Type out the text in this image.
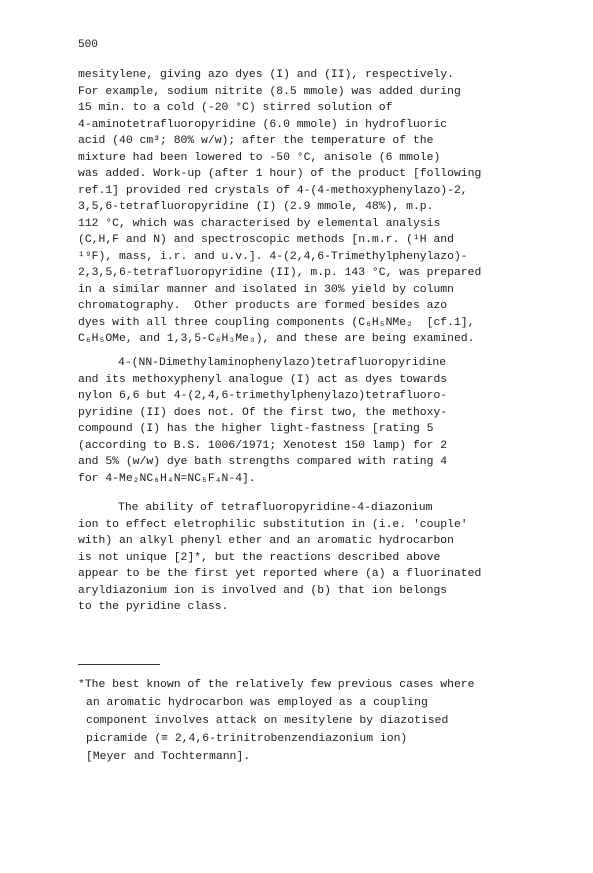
500
mesitylene, giving azo dyes (I) and (II), respectively.
For example, sodium nitrite (8.5 mmole) was added during
15 min. to a cold (-20 °C) stirred solution of
4-aminotetrafluoropyridine (6.0 mmole) in hydrofluoric
acid (40 cm³; 80% w/w); after the temperature of the
mixture had been lowered to -50 °C, anisole (6 mmole)
was added. Work-up (after 1 hour) of the product [following
ref.1] provided red crystals of 4-(4-methoxyphenylazo)-2,
3,5,6-tetrafluoropyridine (I) (2.9 mmole, 48%), m.p.
112 °C, which was characterised by elemental analysis
(C,H,F and N) and spectroscopic methods [n.m.r. (¹H and
¹⁹F), mass, i.r. and u.v.]. 4-(2,4,6-Trimethylphenylazo)-
2,3,5,6-tetrafluoropyridine (II), m.p. 143 °C, was prepared
in a similar manner and isolated in 30% yield by column
chromatography.  Other products are formed besides azo
dyes with all three coupling components (C₆H₅NMe₂  [cf.1],
C₆H₅OMe, and 1,3,5-C₆H₃Me₃), and these are being examined.
4-(NN-Dimethylaminophenylazo)tetrafluoropyridine
and its methoxyphenyl analogue (I) act as dyes towards
nylon 6,6 but 4-(2,4,6-trimethylphenylazo)tetrafluoro-
pyridine (II) does not. Of the first two, the methoxy-
compound (I) has the higher light-fastness [rating 5
(according to B.S. 1006/1971; Xenotest 150 lamp) for 2
and 5% (w/w) dye bath strengths compared with rating 4
for 4-Me₂NC₆H₄N=NC₅F₄N-4].
The ability of tetrafluoropyridine-4-diazonium
ion to effect eletrophilic substitution in (i.e. 'couple'
with) an alkyl phenyl ether and an aromatic hydrocarbon
is not unique [2]*, but the reactions described above
appear to be the first yet reported where (a) a fluorinated
aryldiazonium ion is involved and (b) that ion belongs
to the pyridine class.
*The best known of the relatively few previous cases where
an aromatic hydrocarbon was employed as a coupling
component involves attack on mesitylene by diazotised
picramide (≡ 2,4,6-trinitrobenzendiazonium ion)
[Meyer and Tochtermann].
